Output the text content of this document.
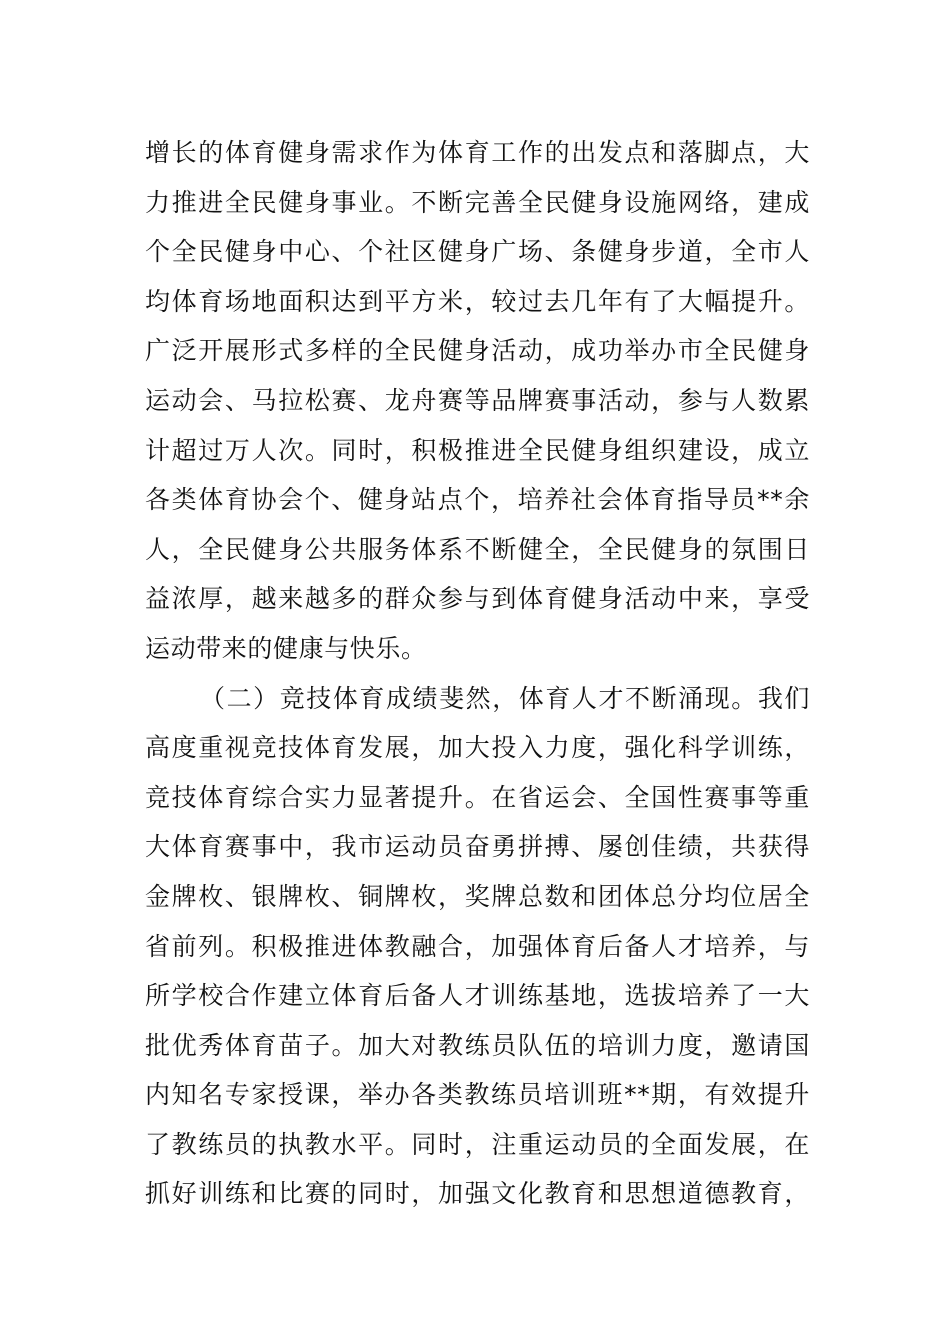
增长的体育健身需求作为体育工作的出发点和落脚点，大
力推进全民健身事业。不断完善全民健身设施网络，建成
个全民健身中心、个社区健身广场、条健身步道，全市人
均体育场地面积达到平方米，较过去几年有了大幅提升。
广泛开展形式多样的全民健身活动，成功举办市全民健身
运动会、马拉松赛、龙舟赛等品牌赛事活动，参与人数累
计超过万人次。同时，积极推进全民健身组织建设，成立
各类体育协会个、健身站点个，培养社会体育指导员**余
人，全民健身公共服务体系不断健全，全民健身的氛围日
益浓厚，越来越多的群众参与到体育健身活动中来，享受
运动带来的健康与快乐。
（二）竞技体育成绩斐然，体育人才不断涌现。我们
高度重视竞技体育发展，加大投入力度，强化科学训练，
竞技体育综合实力显著提升。在省运会、全国性赛事等重
大体育赛事中，我市运动员奋勇拼搏、屡创佳绩，共获得
金牌枚、银牌枚、铜牌枚，奖牌总数和团体总分均位居全
省前列。积极推进体教融合，加强体育后备人才培养，与
所学校合作建立体育后备人才训练基地，选拔培养了一大
批优秀体育苗子。加大对教练员队伍的培训力度，邀请国
内知名专家授课，举办各类教练员培训班**期，有效提升
了教练员的执教水平。同时，注重运动员的全面发展，在
抓好训练和比赛的同时，加强文化教育和思想道德教育，
